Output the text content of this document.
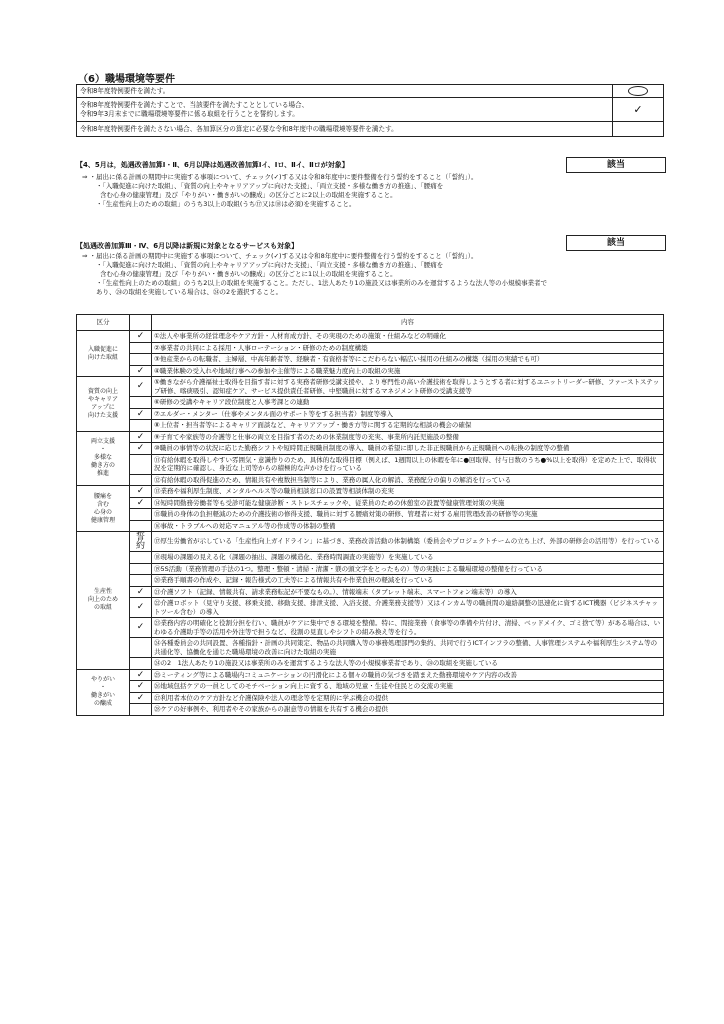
（6）職場環境等要件
令和8年度特例要件を満たす。	
令和8年度特例要件を満たすことで、当該要件を満たすこととしている場合、
令和9年3月末までに職場環境等要件に係る取組を行うことを誓約します。	✓
令和8年度特例要件を満たさない場合、各加算区分の算定に必要な令和8年度中の職場環境等要件を満たす。	
【4、5月は，処遇改善加算Ⅰ・Ⅱ、6月以降は処遇改善加算Ⅰイ、Ⅰロ、Ⅱイ、Ⅱロが対象】	該当
⇒ ・届出に係る計画の期間中に実施する事項について、チェック(✓)する又は令和8年度中に要件整備を行う誓約をすること（「誓約」）。
・「入職促進に向けた取組」、「資質の向上やキャリアアップに向けた支援」、「両立支援・多様な働き方の推進」、「腰痛を
含む心身の健康管理」及び「やりがい・働きがいの醸成」の区分ごとに2以上の取組を実施すること。
・「生産性向上のための取組」のうち3以上の取組(うち⑰又は⑱は必須)を実施すること。
【処遇改善加算Ⅲ・Ⅳ、6月以降は新規に対象となるサービスも対象】	該当
⇒ ・届出に係る計画の期間中に実施する事項について、チェック(✓)する又は令和8年度中に要件整備を行う誓約をすること（「誓約」）。
・「入職促進に向けた取組」、「資質の向上やキャリアアップに向けた支援」、「両立支援・多様な働き方の推進」、「腰痛を
含む心身の健康管理」及び「やりがい・働きがいの醸成」の区分ごとに1以上の取組を実施すること。
・「生産性向上のための取組」のうち2以上の取組を実施すること。ただし、1法人あたり1の施設又は事業所のみを運営するような法人等の小規模事業者で
あり、㉔の取組を実施している場合は、㉔の2を選択すること。
区分		内容
入職促進に
向けた取組	✓	①法人や事業所の経営理念やケア方針・人材育成方針、その実現のための施策・仕組みなどの明確化
		②事業者の共同による採用・人事ローテーション・研修のための制度構築
		③他産業からの転職者、主婦層、中高年齢者等、経験者・有資格者等にこだわらない幅広い採用の仕組みの構築（採用の実績でも可）
	✓	④職業体験の受入れや地域行事への参加や主催等による職業魅力度向上の取組の実施
資質の向上
やキャリア
アップに
向けた支援	✓	⑤働きながら介護福祉士取得を目指す者に対する実務者研修受講支援や、より専門性の高い介護技術を取得しようとする者に対するユニットリーダー研修、ファーストステップ研修、喀痰吸引、認知症ケア、サービス提供責任者研修、中堅職員に対するマネジメント研修の受講支援等
		⑥研修の受講やキャリア段位制度と人事考課との連動
	✓	⑦エルダー・メンター（仕事やメンタル面のサポート等をする担当者）制度等導入
		⑧上位者・担当者等によるキャリア面談など、キャリアアップ・働き方等に関する定期的な相談の機会の確保
両立支援
・
多様な
働き方の
推進	✓	⑨子育てや家族等の介護等と仕事の両立を目指す者のための休業制度等の充実、事業所内託児施設の整備
	✓	⑩職員の事情等の状況に応じた勤務シフトや短時間正規職員制度の導入、職員の希望に即した非正規職員から正規職員への転換の制度等の整備
		⑪有給休暇を取得しやすい雰囲気・意識作りのため、具体的な取得目標（例えば、1週間以上の休暇を年に●回取得、付与日数のうち●%以上を取得）を定めた上で、取得状況を定期的に確認し、身近な上司等からの積極的な声かけを行っている
		⑫有給休暇の取得促進のため、情報共有や複数担当制等により、業務の属人化の解消、業務配分の偏りの解消を行っている
腰痛を
含む
心身の
健康管理	✓	⑬業務や福利厚生制度、メンタルヘルス等の職員相談窓口の設置等相談体制の充実
	✓	⑭短時間勤務労働者等も受診可能な健康診断・ストレスチェックや、従業員のための休憩室の設置等健康管理対策の実施
		⑮職員の身体の負担軽減のための介護技術の修得支援、職員に対する腰痛対策の研修、管理者に対する雇用管理改善の研修等の実施
		⑯事故・トラブルへの対応マニュアル等の作成等の体制の整備
生産性
向上のため
の取組	誓約	⑰厚生労働省が示している「生産性向上ガイドライン」に基づき、業務改善活動の体制構築（委員会やプロジェクトチームの立ち上げ、外部の研修会の活用等）を行っている
		⑱現場の課題の見える化（課題の抽出、課題の構造化、業務時間調査の実施等）を実施している
		⑲5S活動（業務管理の手法の1つ。整理・整頓・清掃・清潔・躾の頭文字をとったもの）等の実践による職場環境の整備を行っている
		⑳業務手順書の作成や、記録・報告様式の工夫等による情報共有や作業負担の軽減を行っている
	✓	㉑介護ソフト（記録、情報共有、請求業務転記が不要なもの。）、情報端末（タブレット端末、スマートフォン端末等）の導入
	✓	㉒介護ロボット（見守り支援、移乗支援、移動支援、排泄支援、入浴支援、介護業務支援等）又はインカム等の職員間の連絡調整の迅速化に資するICT機器（ビジネスチャットツール含む）の導入
	✓	㉓業務内容の明確化と役割分担を行い、職員がケアに集中できる環境を整備。特に、間接業務（食事等の準備や片付け、清掃、ベッドメイク、ゴミ捨て等）がある場合は、いわゆる介護助手等の活用や外注等で担うなど、役割の見直しやシフトの組み換え等を行う。
		㉔各種委員会の共同設置、各種指針・計画の共同策定、物品の共同購入等の事務処理部門の集約、共同で行うICTインフラの整備、人事管理システムや福利厚生システム等の共通化等、協働化を通じた職場環境の改善に向けた取組の実施
		㉔の2　1法人あたり1の施設又は事業所のみを運営するような法人等の小規模事業者であり、㉔の取組を実施している
やりがい
・
働きがい
の醸成	✓	㉕ミーティング等による職場内コミュニケーションの円滑化による個々の職員の気づきを踏まえた勤務環境やケア内容の改善
	✓	㉖地域包括ケアの一員としてのモチベーション向上に資する、地域の児童・生徒や住民との交流の実施
	✓	㉗利用者本位のケア方針など介護保険や法人の理念等を定期的に学ぶ機会の提供
		㉘ケアの好事例や、利用者やその家族からの謝意等の情報を共有する機会の提供
